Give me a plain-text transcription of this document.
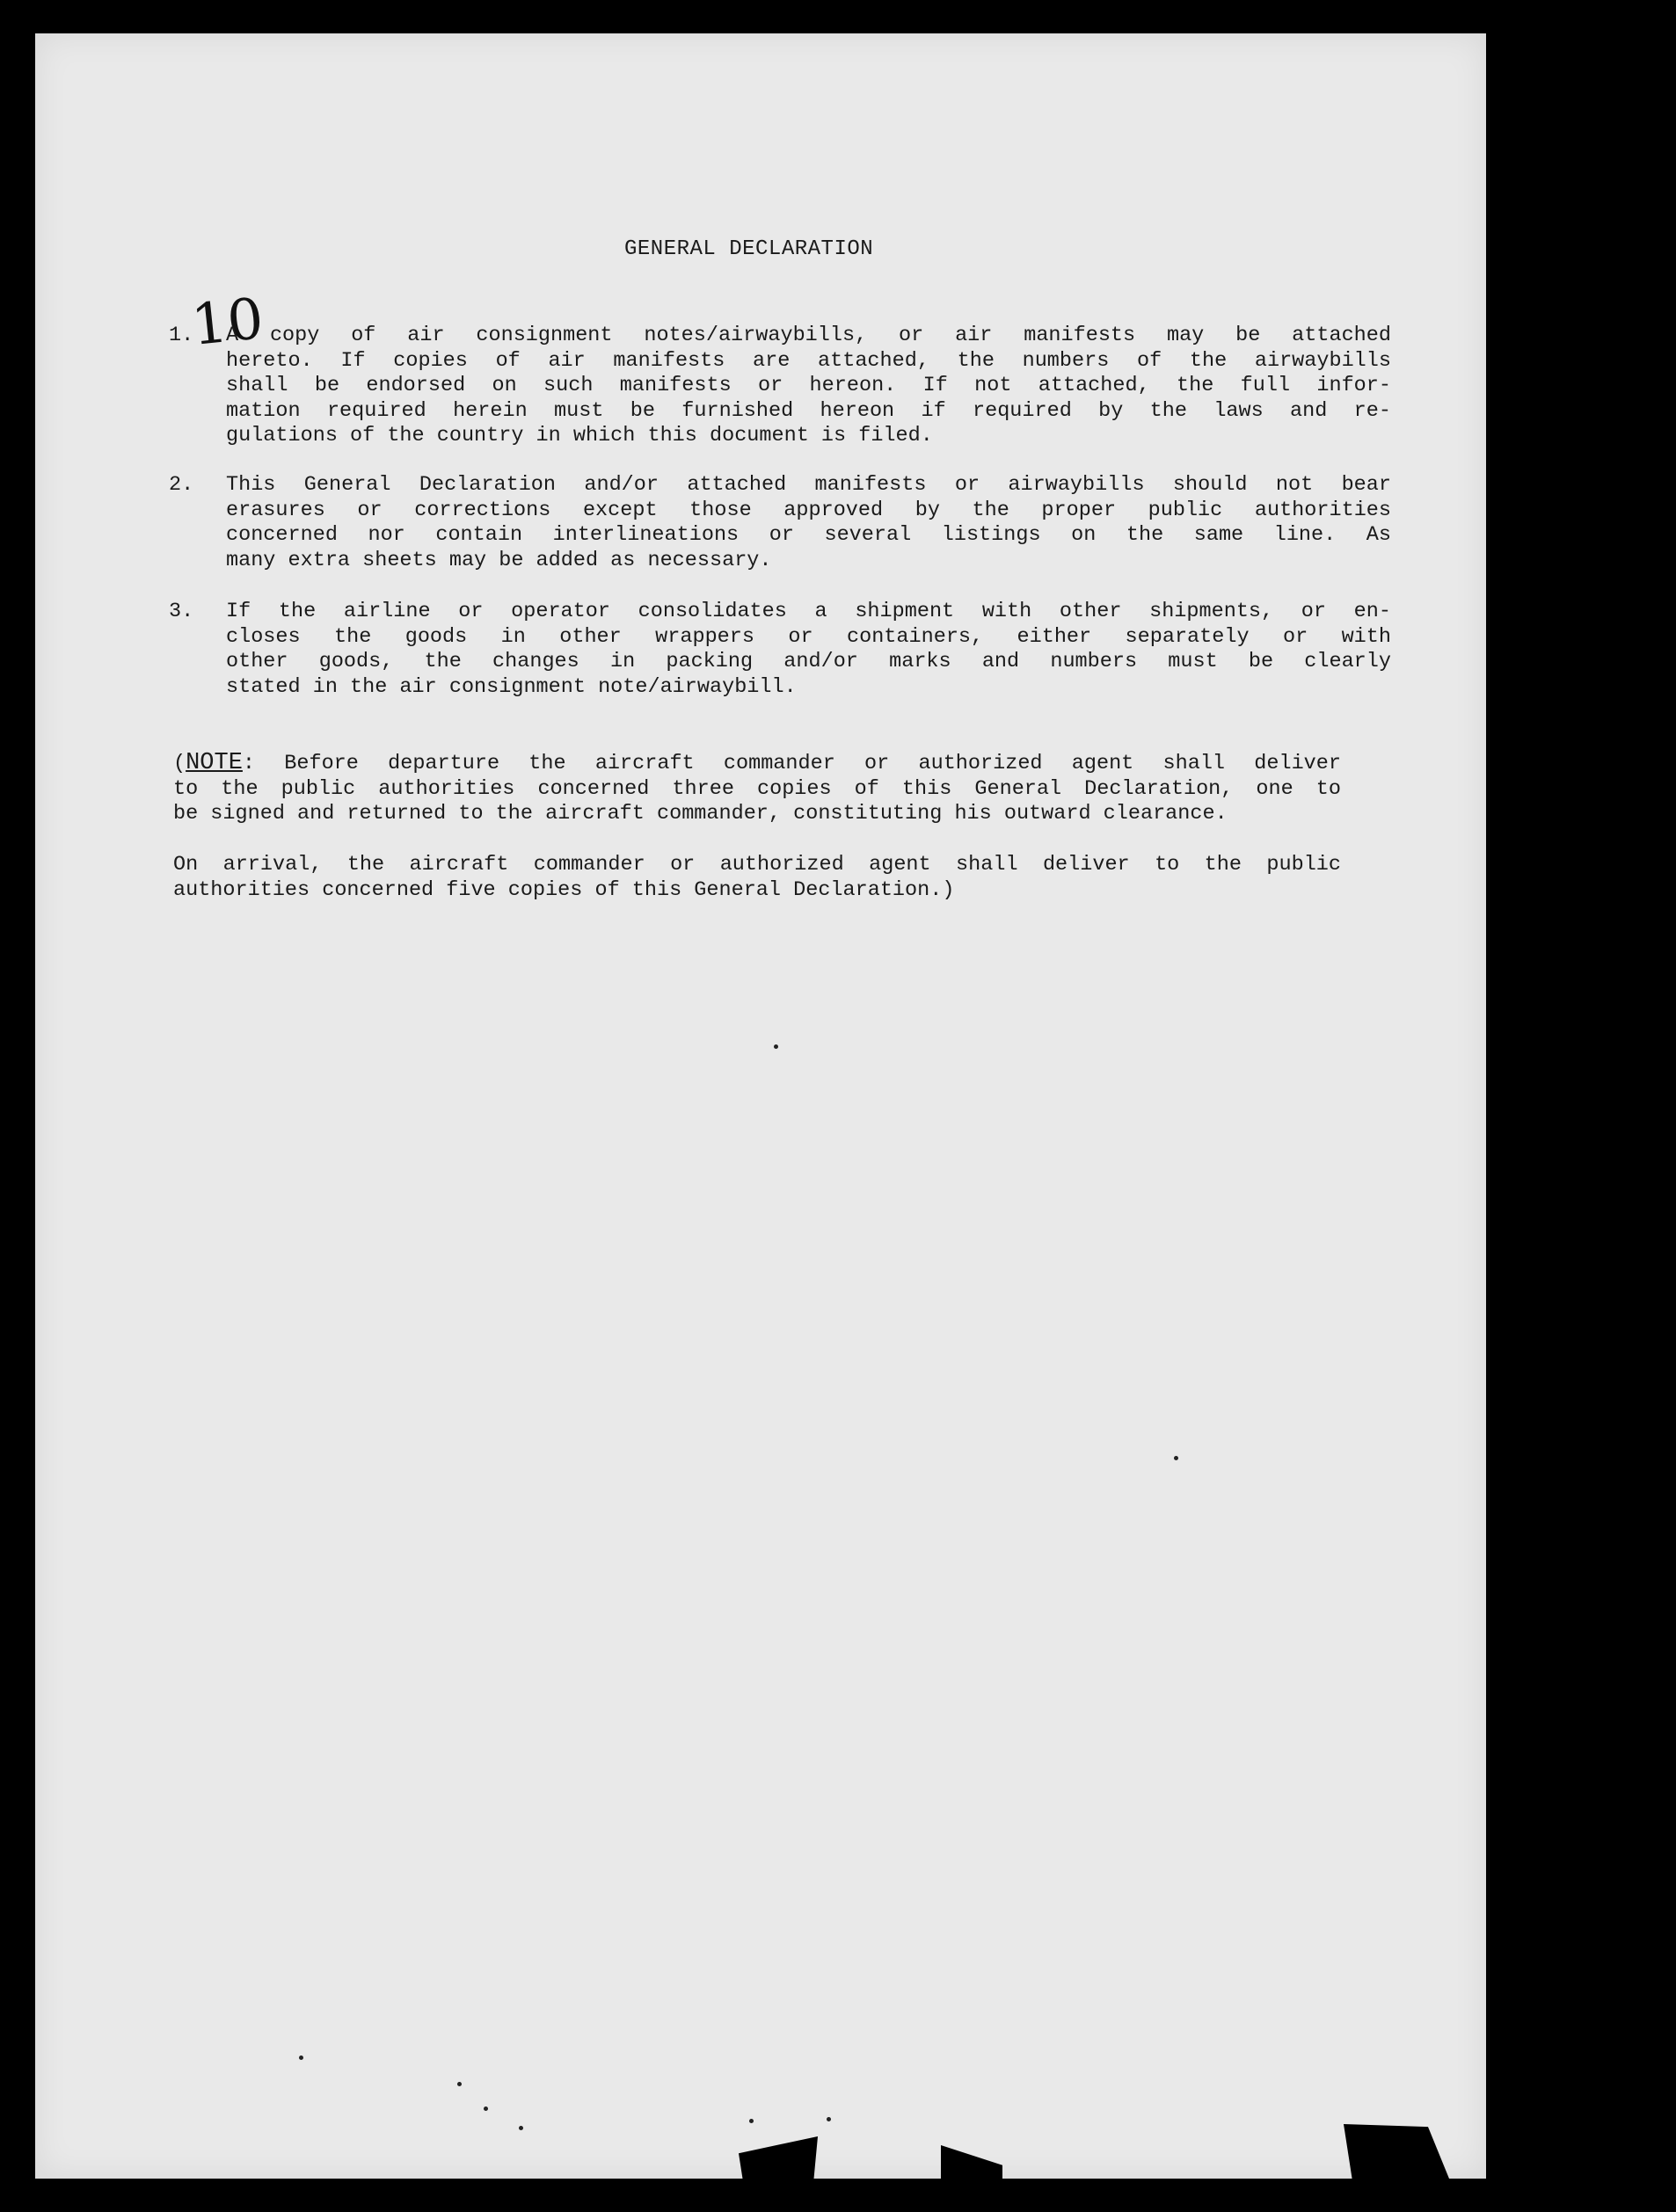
GENERAL DECLARATION
10
1. A copy of air consignment notes/airwaybills, or air manifests may be attached
hereto. If copies of air manifests are attached, the numbers of the airwaybills
shall be endorsed on such manifests or hereon. If not attached, the full infor-
mation required herein must be furnished hereon if required by the laws and re-
gulations of the country in which this document is filed.
2. This General Declaration and/or attached manifests or airwaybills should not bear
erasures or corrections except those approved by the proper public authorities
concerned nor contain interlineations or several listings on the same line. As
many extra sheets may be added as necessary.
3. If the airline or operator consolidates a shipment with other shipments, or en-
closes the goods in other wrappers or containers, either separately or with
other goods, the changes in packing and/or marks and numbers must be clearly
stated in the air consignment note/airwaybill.
(NOTE: Before departure the aircraft commander or authorized agent shall deliver
to the public authorities concerned three copies of this General Declaration, one to
be signed and returned to the aircraft commander, constituting his outward clearance.
On arrival, the aircraft commander or authorized agent shall deliver to the public
authorities concerned five copies of this General Declaration.)
